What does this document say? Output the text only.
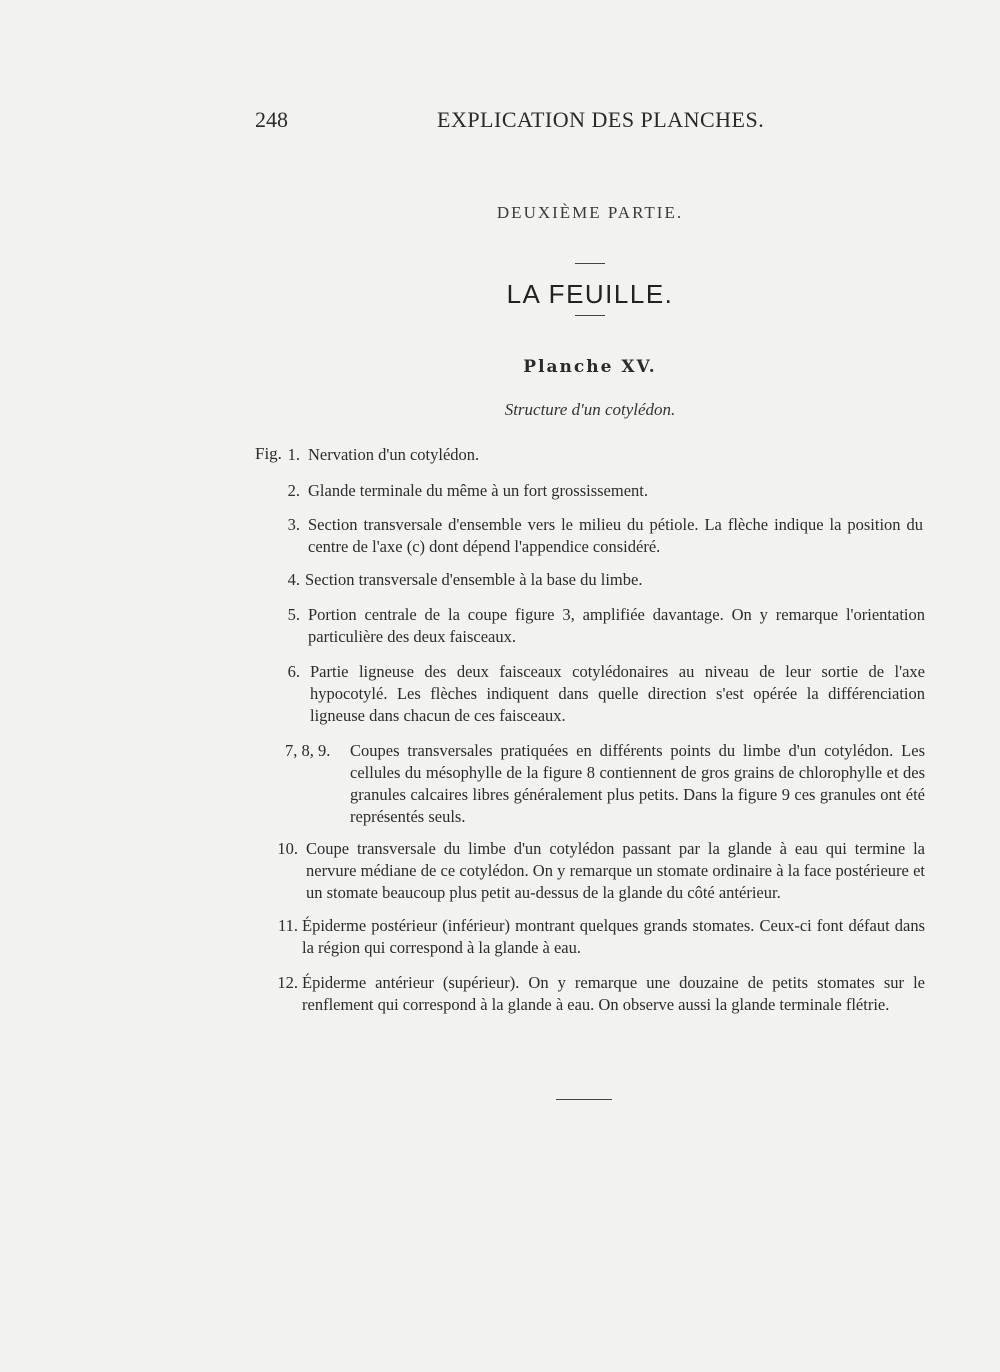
248	EXPLICATION DES PLANCHES.
DEUXIÈME PARTIE.
LA FEUILLE.
Planche XV.
Structure d'un cotylédon.
Fig. 1. Nervation d'un cotylédon.
2. Glande terminale du même à un fort grossissement.
3. Section transversale d'ensemble vers le milieu du pétiole. La flèche indique la position du centre de l'axe (c) dont dépend l'appendice considéré.
4. Section transversale d'ensemble à la base du limbe.
5. Portion centrale de la coupe figure 3, amplifiée davantage. On y remarque l'orientation particulière des deux faisceaux.
6. Partie ligneuse des deux faisceaux cotylédonaires au niveau de leur sortie de l'axe hypocotylé. Les flèches indiquent dans quelle direction s'est opérée la différenciation ligneuse dans chacun de ces faisceaux.
7, 8, 9.	Coupes transversales pratiquées en différents points du limbe d'un cotylédon. Les cellules du mésophylle de la figure 8 contiennent de gros grains de chlorophylle et des granules calcaires libres généralement plus petits. Dans la figure 9 ces granules ont été représentés seuls.
10. Coupe transversale du limbe d'un cotylédon passant par la glande à eau qui termine la nervure médiane de ce cotylédon. On y remarque un stomate ordinaire à la face postérieure et un stomate beaucoup plus petit au-dessus de la glande du côté antérieur.
11. Épiderme postérieur (inférieur) montrant quelques grands stomates. Ceux-ci font défaut dans la région qui correspond à la glande à eau.
12. Épiderme antérieur (supérieur). On y remarque une douzaine de petits stomates sur le renflement qui correspond à la glande à eau. On observe aussi la glande terminale flétrie.
